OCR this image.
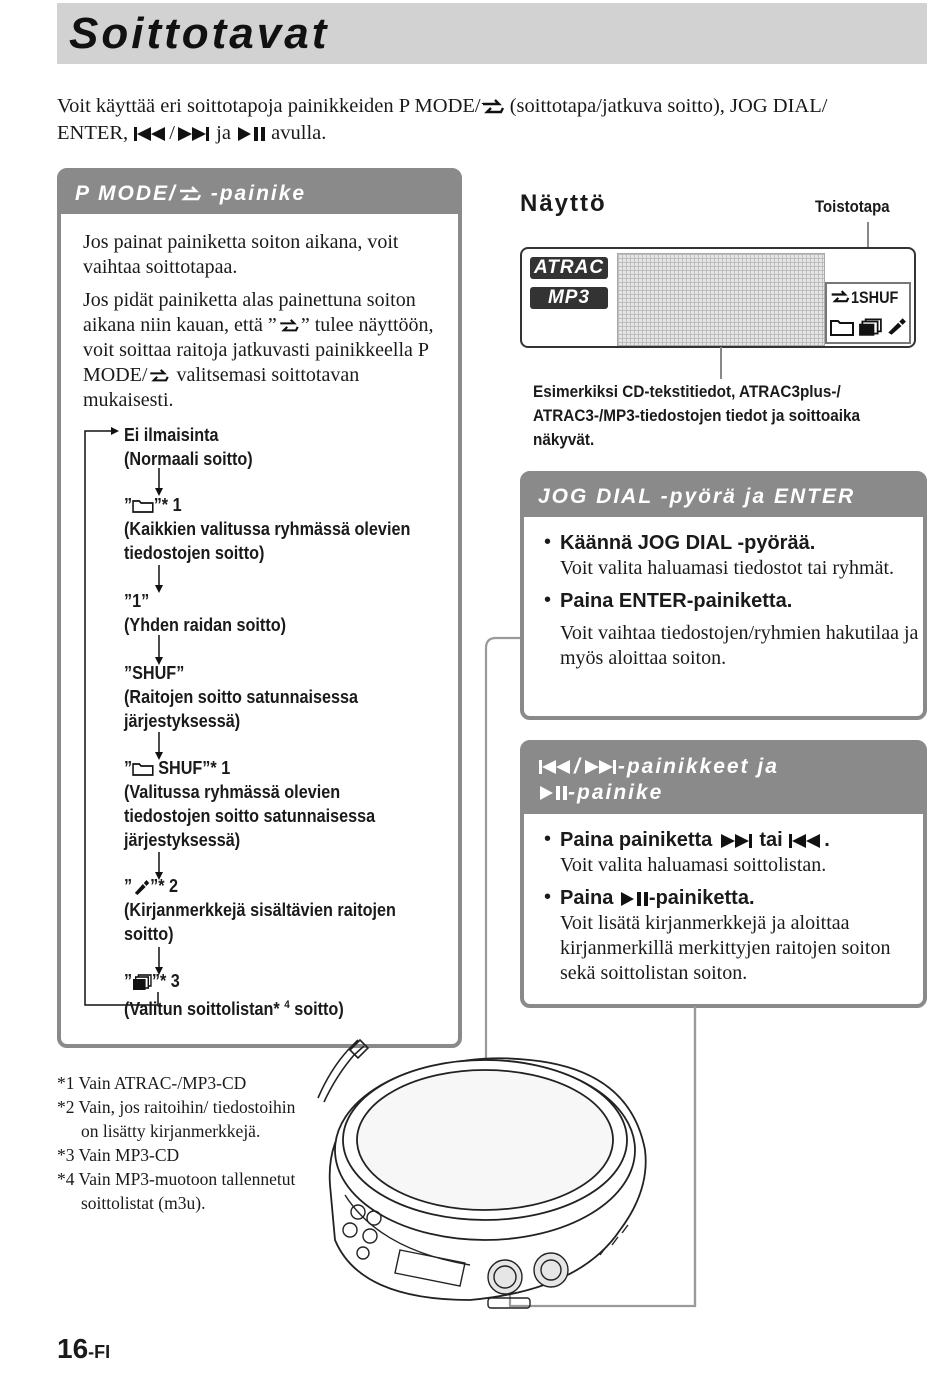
Soittotavat
Voit käyttää eri soittotapoja painikkeiden P MODE/
(soittotapa/jatkuva soitto), JOG DIAL/
ENTER,
/
ja
avulla.
P MODE/
-painike

Jos painat painiketta soiton aikana, voit vaihtaa soittotapaa.

Jos pidät painiketta alas painettuna soiton aikana niin kauan, että ” ” tulee näyttöön, voit soittaa raitoja jatkuvasti painikkeella P MODE/
valitsemasi soittotavan mukaisesti.

Ei ilmaisinta
(Normaali soitto)
” ”* 1
(Kaikkien valitussa ryhmässä olevien tiedostojen soitto)
”1”
(Yhden raidan soitto)
”SHUF”
(Raitojen soitto satunnaisessa järjestyksessä)
”
SHUF”* 1
(Valitussa ryhmässä olevien tiedostojen soitto satunnaisessa järjestyksessä)
” ”* 2
(Kirjanmerkkejä sisältävien raitojen soitto)
” ”* 3
(Valitun soittolistan* $^4$ soitto)
Näyttö	Toistotapa
ATRAC
MP3	1SHUF
Esimerkiksi CD-tekstitiedot, ATRAC3plus-/ ATRAC3-/MP3-tiedostojen tiedot ja soittoaika näkyvät.
JOG DIAL -pyörä ja ENTER
• Käännä JOG DIAL -pyörää.
Voit valita haluamasi tiedostot tai ryhmät.
• Paina ENTER-painiketta.
Voit vaihtaa tiedostojen/ryhmien hakutilaa ja myös aloittaa soiton.
/ -painikkeet ja

-painike
• Paina painiketta
tai
.
Voit valita haluamasi soittolistan.
• Paina
-painiketta.
Voit lisätä kirjanmerkkejä ja aloittaa kirjanmerkillä merkittyjen raitojen soiton sekä soittolistan soiton.
*1 Vain ATRAC-/MP3-CD
*2 Vain, jos raitoihin/ tiedostoihin on lisätty kirjanmerkkejä.
*3 Vain MP3-CD
*4 Vain MP3-muotoon tallennetut soittolistat (m3u).
16-FI
